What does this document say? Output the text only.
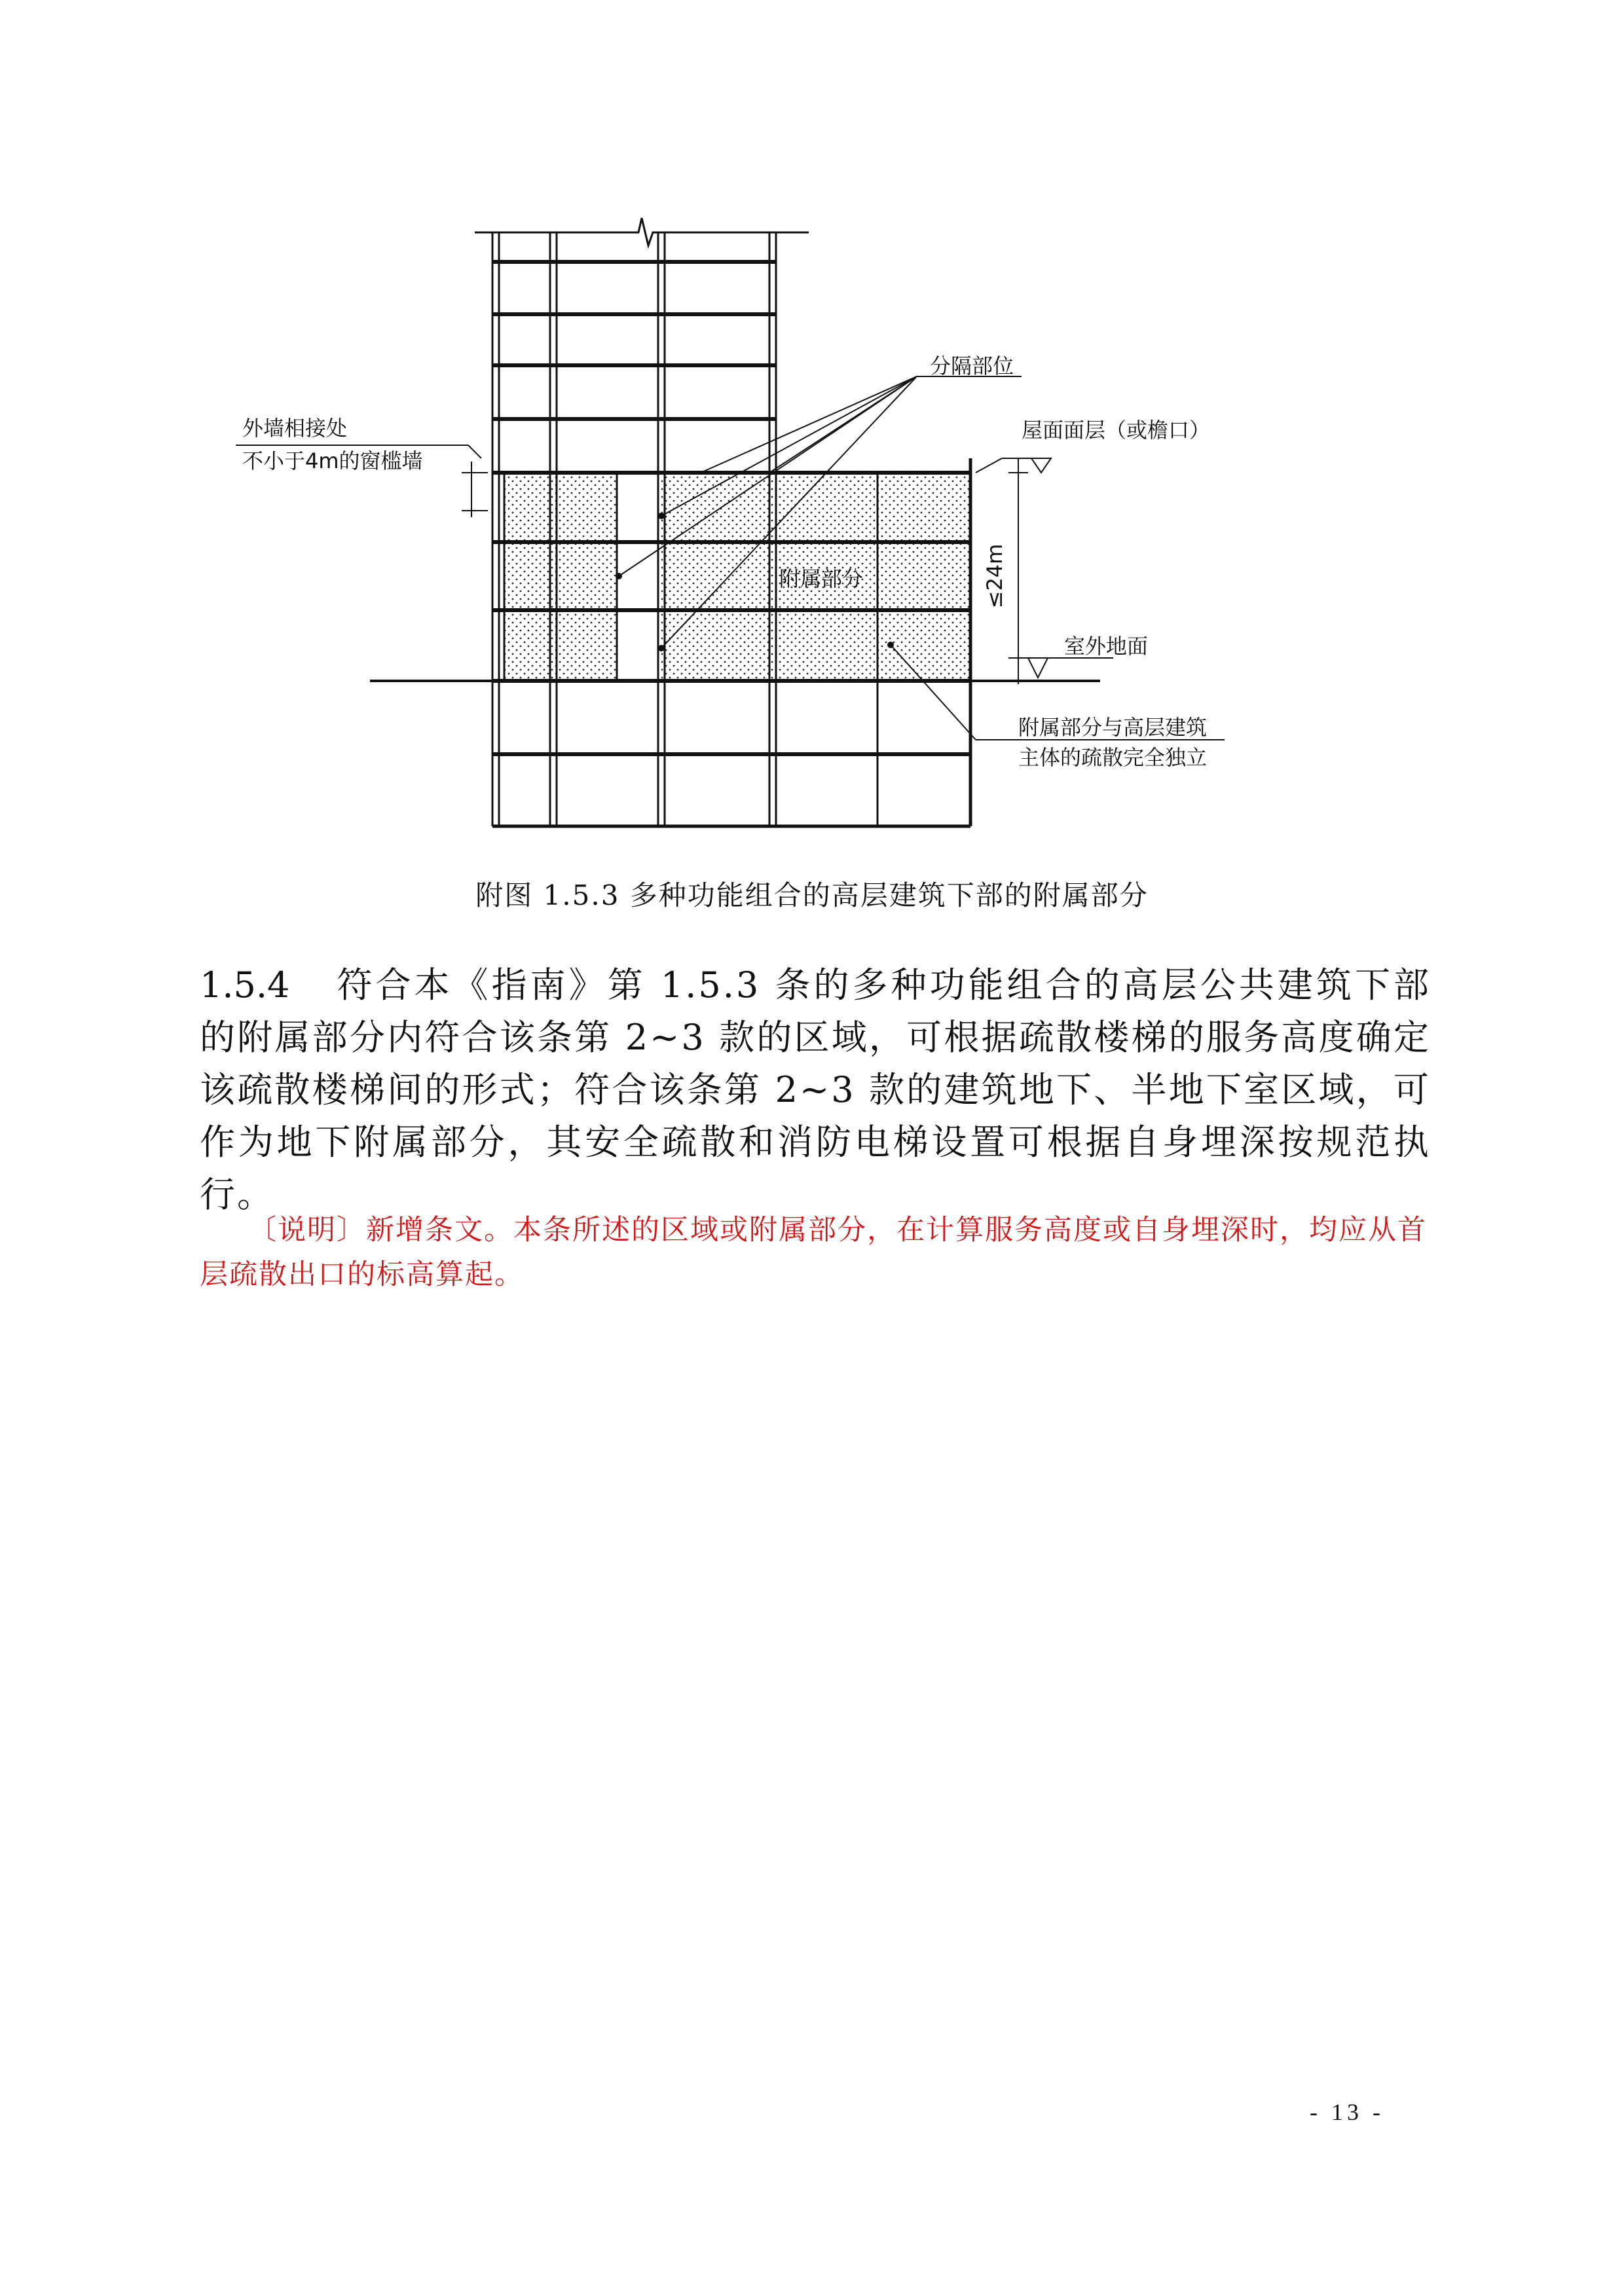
外墙相接处
不小于4m的窗槛墙
分隔部位
屋面面层（或檐口）
附属部分	≤24m
室外地面
附属部分与高层建筑
主体的疏散完全独立
附图 1.5.3 多种功能组合的高层建筑下部的附属部分
1.5.4 符合本《指南》第 1.5.3 条的多种功能组合的高层公共建筑下部的附属部分内符合该条第 2~3 款的区域，可根据疏散楼梯的服务高度确定该疏散楼梯间的形式；符合该条第 2~3 款的建筑地下、半地下室区域，可作为地下附属部分，其安全疏散和消防电梯设置可根据自身埋深按规范执行。
〔说明〕新增条文。本条所述的区域或附属部分，在计算服务高度或自身埋深时，均应从首层疏散出口的标高算起。
- 13 -
